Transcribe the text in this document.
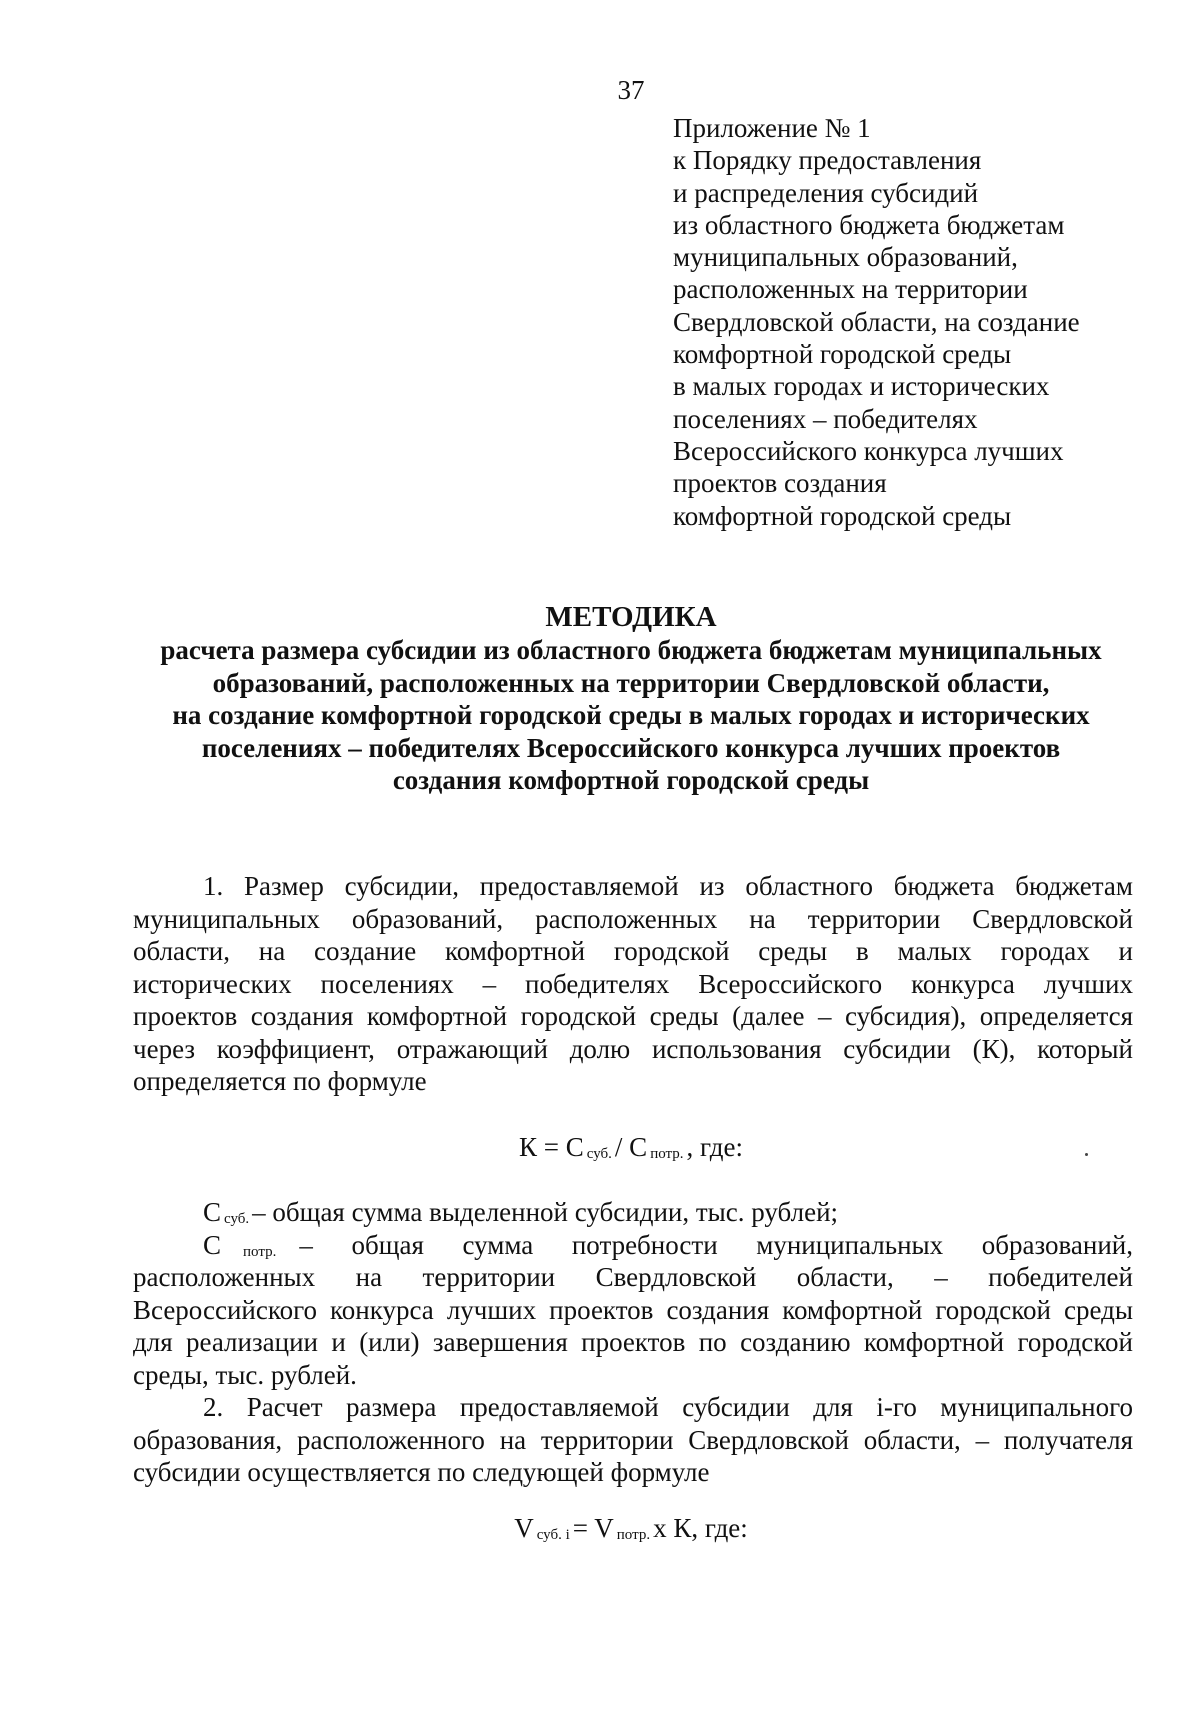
37
Приложение № 1
к Порядку предоставления
и распределения субсидий
из областного бюджета бюджетам
муниципальных образований,
расположенных на территории
Свердловской области, на создание
комфортной городской среды
в малых городах и исторических
поселениях – победителях
Всероссийского конкурса лучших
проектов создания
комфортной городской среды
МЕТОДИКА
расчета размера субсидии из областного бюджета бюджетам муниципальных
образований, расположенных на территории Свердловской области,
на создание комфортной городской среды в малых городах и исторических
поселениях – победителях Всероссийского конкурса лучших проектов
создания комфортной городской среды
1. Размер субсидии, предоставляемой из областного бюджета бюджетам
муниципальных образований, расположенных на территории Свердловской
области, на создание комфортной городской среды в малых городах и
исторических поселениях – победителях Всероссийского конкурса лучших
проектов создания комфортной городской среды (далее – субсидия), определяется
через коэффициент, отражающий долю использования субсидии (К), который
определяется по формуле
К = С суб. / С потр. , где:
Ссуб. – общая сумма выделенной субсидии, тыс. рублей;
С потр. – общая сумма потребности муниципальных образований,
расположенных на территории Свердловской области, – победителей
Всероссийского конкурса лучших проектов создания комфортной городской среды
для реализации и (или) завершения проектов по созданию комфортной городской
среды, тыс. рублей.
2. Расчет размера предоставляемой субсидии для i-го муниципального
образования, расположенного на территории Свердловской области, – получателя
субсидии осуществляется по следующей формуле
Vсуб. i = V потр. x К, где:
